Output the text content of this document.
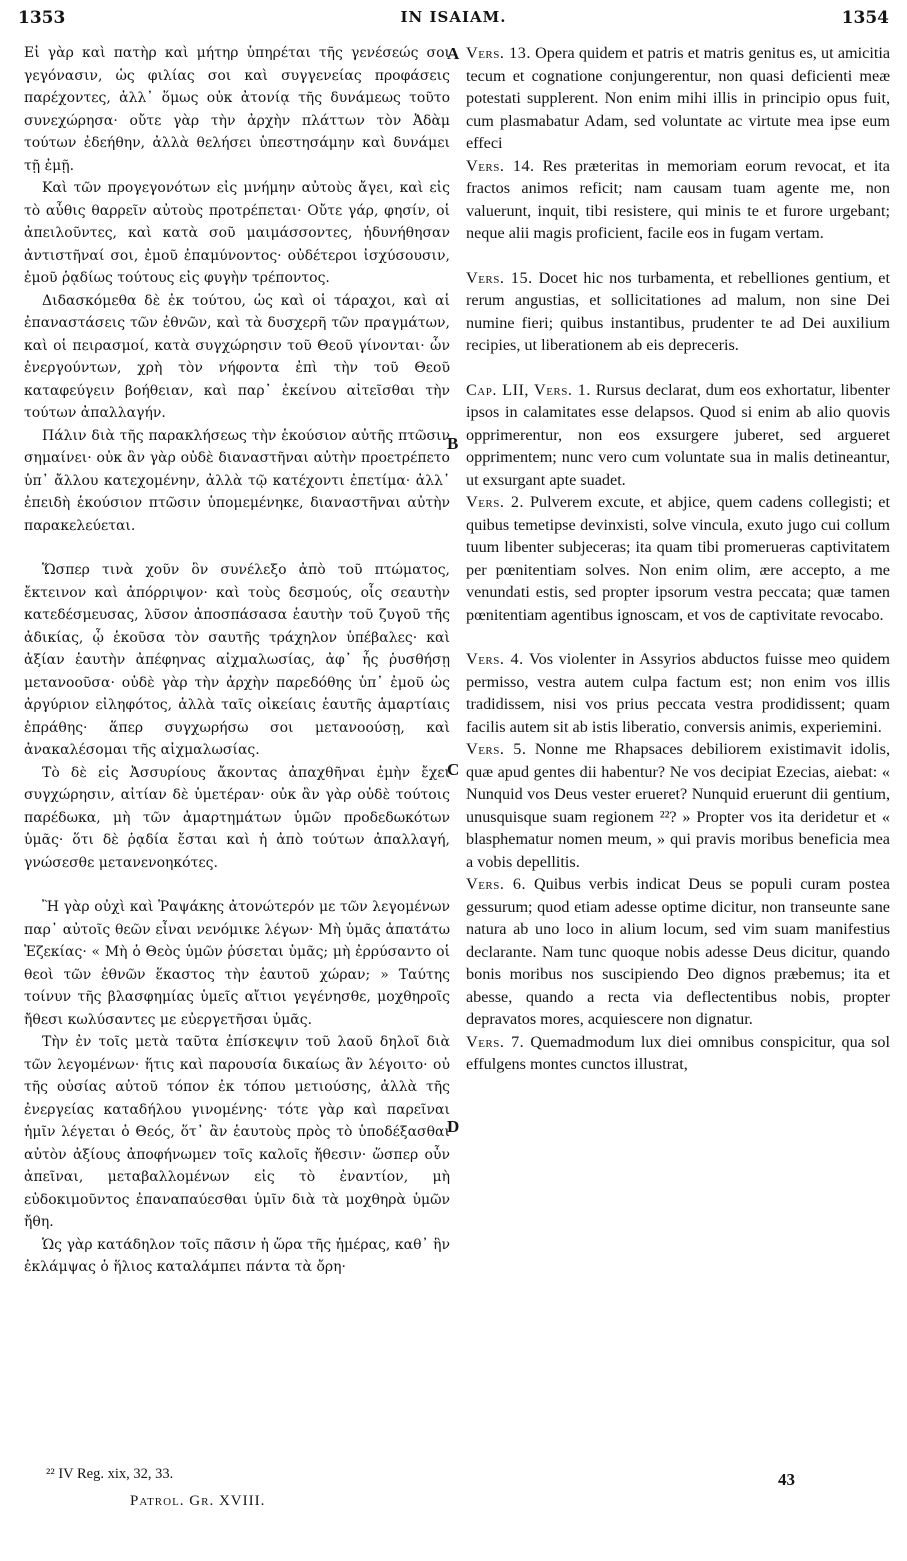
1353	IN ISAIAM.	1354

Εἰ γὰρ καὶ πατὴρ καὶ μήτηρ ὑπηρέται τῆς γενέσεώς σοι γεγόνασιν, ὡς φιλίας σοι καὶ συγγενείας προφάσεις παρέχοντες, ἀλλ᾽ ὅμως οὐκ ἀτονίᾳ τῆς δυνάμεως τοῦτο συνεχώρησα· οὔτε γὰρ τὴν ἀρχὴν πλάττων τὸν Ἀδὰμ τούτων ἐδεήθην, ἀλλὰ θελήσει ὑπεστησάμην καὶ δυνάμει τῇ ἐμῇ.

Καὶ τῶν προγεγονότων εἰς μνήμην αὐτοὺς ἄγει, καὶ εἰς τὸ αὖθις θαρρεῖν αὐτοὺς προτρέπεται· Οὔτε γάρ, φησίν, οἱ ἀπειλοῦντες, καὶ κατὰ σοῦ μαιμάσσοντες, ἠδυνήθησαν ἀντιστῆναί σοι, ἐμοῦ ἐπαμύνοντος· οὐδέτεροι ἰσχύσουσιν, ἐμοῦ ῥᾳδίως τούτους εἰς φυγὴν τρέποντος.

Διδασκόμεθα δὲ ἐκ τούτου, ὡς καὶ οἱ τάραχοι, καὶ αἱ ἐπαναστάσεις τῶν ἐθνῶν, καὶ τὰ δυσχερῆ τῶν πραγμάτων, καὶ οἱ πειρασμοί, κατὰ συγχώρησιν τοῦ Θεοῦ γίνονται· ὧν ἐνεργούντων, χρὴ τὸν νήφοντα ἐπὶ τὴν τοῦ Θεοῦ καταφεύγειν βοήθειαν, καὶ παρ᾽ ἐκείνου αἰτεῖσθαι τὴν τούτων ἀπαλλαγήν.

Πάλιν διὰ τῆς παρακλήσεως τὴν ἑκούσιον αὐτῆς πτῶσιν σημαίνει· οὐκ ἂν γὰρ οὐδὲ διαναστῆναι αὐτὴν προετρέπετο ὑπ᾽ ἄλλου κατεχομένην, ἀλλὰ τῷ κατέχοντι ἐπετίμα· ἀλλ᾽ ἐπειδὴ ἑκούσιον πτῶσιν ὑπομεμένηκε, διαναστῆναι αὐτὴν παρακελεύεται.

Ὥσπερ τινὰ χοῦν ὃν συνέλεξο ἀπὸ τοῦ πτώματος, ἔκτεινον καὶ ἀπόρριψον· καὶ τοὺς δεσμούς, οἷς σεαυτὴν κατεδέσμευσας, λῦσον ἀποσπάσασα ἑαυτὴν τοῦ ζυγοῦ τῆς ἀδικίας, ᾧ ἑκοῦσα τὸν σαυτῆς τράχηλον ὑπέβαλες· καὶ ἀξίαν ἑαυτὴν ἀπέφηνας αἰχμαλωσίας, ἀφ᾽ ἧς ῥυσθήσῃ μετανοοῦσα· οὐδὲ γὰρ τὴν ἀρχὴν παρεδόθης ὑπ᾽ ἐμοῦ ὡς ἀργύριον εἰληφότος, ἀλλὰ ταῖς οἰκείαις ἑαυτῆς ἁμαρτίαις ἐπράθης· ἅπερ συγχωρήσω σοι μετανοούσῃ, καὶ ἀνακαλέσομαι τῆς αἰχμαλωσίας.

Τὸ δὲ εἰς Ἀσσυρίους ἄκοντας ἀπαχθῆναι ἐμὴν ἔχει συγχώρησιν, αἰτίαν δὲ ὑμετέραν· οὐκ ἂν γὰρ οὐδὲ τούτοις παρέδωκα, μὴ τῶν ἁμαρτημάτων ὑμῶν προδεδωκότων ὑμᾶς· ὅτι δὲ ῥᾳδία ἔσται καὶ ἡ ἀπὸ τούτων ἀπαλλαγή, γνώσεσθε μετανενοηκότες.

Ἢ γὰρ οὐχὶ καὶ Ῥαψάκης ἀτονώτερόν με τῶν λεγομένων παρ᾽ αὐτοῖς θεῶν εἶναι νενόμικε λέγων· Μὴ ὑμᾶς ἀπατάτω Ἐζεκίας· « Μὴ ὁ Θεὸς ὑμῶν ῥύσεται ὑμᾶς; μὴ ἐρρύσαντο οἱ θεοὶ τῶν ἐθνῶν ἕκαστος τὴν ἑαυτοῦ χώραν; » Ταύτης τοίνυν τῆς βλασφημίας ὑμεῖς αἴτιοι γεγένησθε, μοχθηροῖς ἤθεσι κωλύσαντες με εὐεργετῆσαι ὑμᾶς.

Τὴν ἐν τοῖς μετὰ ταῦτα ἐπίσκεψιν τοῦ λαοῦ δηλοῖ διὰ τῶν λεγομένων· ἥτις καὶ παρουσία δικαίως ἂν λέγοιτο· οὐ τῆς οὐσίας αὐτοῦ τόπον ἐκ τόπου μετιούσης, ἀλλὰ τῆς ἐνεργείας καταδήλου γινομένης· τότε γὰρ καὶ παρεῖναι ἡμῖν λέγεται ὁ Θεός, ὅτ᾽ ἂν ἑαυτοὺς πρὸς τὸ ὑποδέξασθαι αὐτὸν ἀξίους ἀποφήνωμεν τοῖς καλοῖς ἤθεσιν· ὥσπερ οὖν ἀπεῖναι, μεταβαλλομένων εἰς τὸ ἐναντίον, μὴ εὐδοκιμοῦντος ἐπαναπαύεσθαι ὑμῖν διὰ τὰ μοχθηρὰ ὑμῶν ἤθη.

Ὡς γὰρ κατάδηλον τοῖς πᾶσιν ἡ ὥρα τῆς ἡμέρας, καθ᾽ ἣν ἐκλάμψας ὁ ἥλιος καταλάμπει πάντα τὰ ὄρη·

A
B
C
D

Vers. 13. Opera quidem et patris et matris genitus es, ut amicitia tecum et cognatione conjungerentur, non quasi deficienti meæ potestati supplerent. Non enim mihi illis in principio opus fuit, cum plasmabatur Adam, sed voluntate ac virtute mea ipse eum effeci

Vers. 14. Res præteritas in memoriam eorum revocat, et ita fractos animos reficit; nam causam tuam agente me, non valuerunt, inquit, tibi resistere, qui minis te et furore urgebant; neque alii magis proficient, facile eos in fugam vertam.

Vers. 15. Docet hic nos turbamenta, et rebelliones gentium, et rerum angustias, et sollicitationes ad malum, non sine Dei numine fieri; quibus instantibus, prudenter te ad Dei auxilium recipies, ut liberationem ab eis depreceris.

Cap. LII, Vers. 1. Rursus declarat, dum eos exhortatur, libenter ipsos in calamitates esse delapsos. Quod si enim ab alio quovis opprimerentur, non eos exsurgere juberet, sed argueret opprimentem; nunc vero cum voluntate sua in malis detineantur, ut exsurgant apte suadet.

Vers. 2. Pulverem excute, et abjice, quem cadens collegisti; et quibus temetipse devinxisti, solve vincula, exuto jugo cui collum tuum libenter subjeceras; ita quam tibi promerueras captivitatem per pœnitentiam solves. Non enim olim, ære accepto, a me venundati estis, sed propter ipsorum vestra peccata; quæ tamen pœnitentiam agentibus ignoscam, et vos de captivitate revocabo.

Vers. 4. Vos violenter in Assyrios abductos fuisse meo quidem permisso, vestra autem culpa factum est; non enim vos illis tradidissem, nisi vos prius peccata vestra prodidissent; quam facilis autem sit ab istis liberatio, conversis animis, experiemini.

Vers. 5. Nonne me Rhapsaces debiliorem existimavit idolis, quæ apud gentes dii habentur? Ne vos decipiat Ezecias, aiebat: « Nunquid vos Deus vester erueret? Nunquid eruerunt dii gentium, unusquisque suam regionem ²²? » Propter vos ita deridetur et « blasphematur nomen meum, » qui pravis moribus beneficia mea a vobis depellitis.

Vers. 6. Quibus verbis indicat Deus se populi curam postea gessurum; quod etiam adesse optime dicitur, non transeunte sane natura ab uno loco in alium locum, sed vim suam manifestius declarante. Nam tunc quoque nobis adesse Deus dicitur, quando bonis moribus nos suscipiendo Deo dignos præbemus; ita et abesse, quando a recta via deflectentibus nobis, propter depravatos mores, acquiescere non dignatur.

Vers. 7. Quemadmodum lux diei omnibus conspicitur, qua sol effulgens montes cunctos illustrat,

²² IV Reg. xix, 32, 33.
Patrol. Gr. XVIII.
43
